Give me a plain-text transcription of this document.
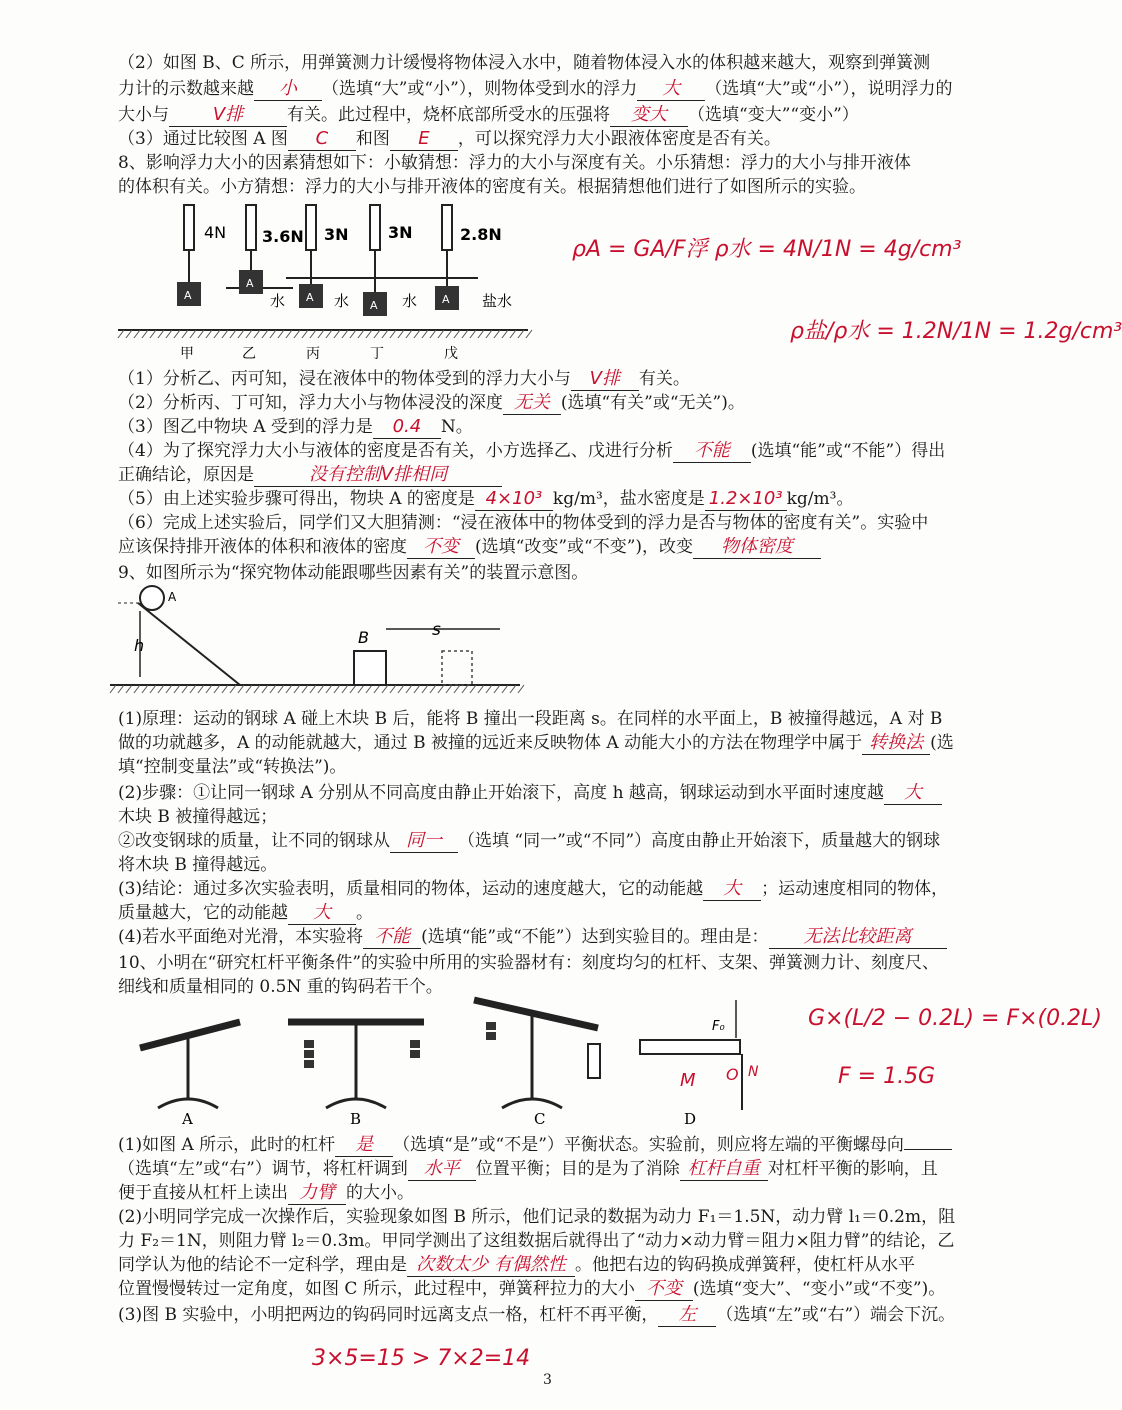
（2）如图 B、C 所示，用弹簧测力计缓慢将物体浸入水中，随着物体浸入水的体积越来越大，观察到弹簧测
力计的示数越来越 小 （选填“大”或“小”），则物体受到水的浮力 大 （选填“大”或“小”），说明浮力的
大小与 V排	有关。此过程中，烧杯底部所受水的压强将 变大 （选填“变大”“变小”）
（3）通过比较图 A 图 C 和图 E ，可以探究浮力大小跟液体密度是否有关。
8、影响浮力大小的因素猜想如下：小敏猜想：浮力的大小与深度有关。小乐猜想：浮力的大小与排开液体
的体积有关。小方猜想：浮力的大小与排开液体的密度有关。根据猜想他们进行了如图所示的实验。
A
A
A
A	A
4N 3.6N 3N 3N	2.8N
水	水	水	盐水
甲	乙	丙	丁	戊
ρA = GA/F浮 ρ水 = 4N/1N = 4g/cm³
ρ盐/ρ水 = 1.2N/1N = 1.2g/cm³
（1）分析乙、丙可知，浸在液体中的物体受到的浮力大小与 V排 有关。
（2）分析丙、丁可知，浮力大小与物体浸没的深度 无关 (选填“有关”或“无关”)。
（3）图乙中物块 A 受到的浮力是 0.4 N。
（4）为了探究浮力大小与液体的密度是否有关，小方选择乙、戊进行分析 不能 (选填“能”或“不能”）得出
正确结论，原因是	没有控制V排相同
（5）由上述实验步骤可得出，物块 A 的密度是 4×10³ kg/m³，盐水密度是 1.2×10³ kg/m³。
（6）完成上述实验后，同学们又大胆猜测：“浸在液体中的物体受到的浮力是否与物体的密度有关”。实验中
应该保持排开液体的体积和液体的密度 不变 (选填“改变”或“不变”)，改变 物体密度
9、如图所示为“探究物体动能跟哪些因素有关”的装置示意图。
A
h	B	s
(1)原理：运动的钢球 A 碰上木块 B 后，能将 B 撞出一段距离 s。在同样的水平面上，B 被撞得越远，A 对 B
做的功就越多，A 的动能就越大，通过 B 被撞的远近来反映物体 A 动能大小的方法在物理学中属于 转换法 (选
填“控制变量法”或“转换法”)。
(2)步骤：①让同一钢球 A 分别从不同高度由静止开始滚下，高度 h 越高，钢球运动到水平面时速度越 大
木块 B 被撞得越远；
②改变钢球的质量，让不同的钢球从 同一 （选填 “同一”或“不同”）高度由静止开始滚下，质量越大的钢球
将木块 B 撞得越远。
(3)结论：通过多次实验表明，质量相同的物体，运动的速度越大，它的动能越 大 ；运动速度相同的物体，
质量越大，它的动能越 大 。
(4)若水平面绝对光滑，本实验将 不能 (选填“能”或“不能”）达到实验目的。理由是： 无法比较距离
10、小明在“研究杠杆平衡条件”的实验中所用的实验器材有：刻度均匀的杠杆、支架、弹簧测力计、刻度尺、
细线和质量相同的 0.5N 重的钩码若干个。
A	B	C
F₀
M O N
D
G×(L/2 − 0.2L) = F×(0.2L)
F = 1.5G
(1)如图 A 所示，此时的杠杆 是 （选填“是”或“不是”）平衡状态。实验前，则应将左端的平衡螺母向
（选填“左”或“右”）调节，将杠杆调到 水平 位置平衡；目的是为了消除 杠杆自重 对杠杆平衡的影响，且
便于直接从杠杆上读出 力臂 的大小。
(2)小明同学完成一次操作后，实验现象如图 B 所示，他们记录的数据为动力 F₁＝1.5N，动力臂 l₁＝0.2m，阻
力 F₂＝1N，则阻力臂 l₂＝0.3m。甲同学测出了这组数据后就得出了“动力×动力臂＝阻力×阻力臂”的结论，乙
同学认为他的结论不一定科学，理由是 次数太少 有偶然性 。他把右边的钩码换成弹簧秤，使杠杆从水平
位置慢慢转过一定角度，如图 C 所示，此过程中，弹簧秤拉力的大小 不变 (选填“变大”、“变小”或“不变”)。
(3)图 B 实验中，小明把两边的钩码同时远离支点一格，杠杆不再平衡， 左 （选填“左”或“右”）端会下沉。
3×5=15 > 7×2=14
3
